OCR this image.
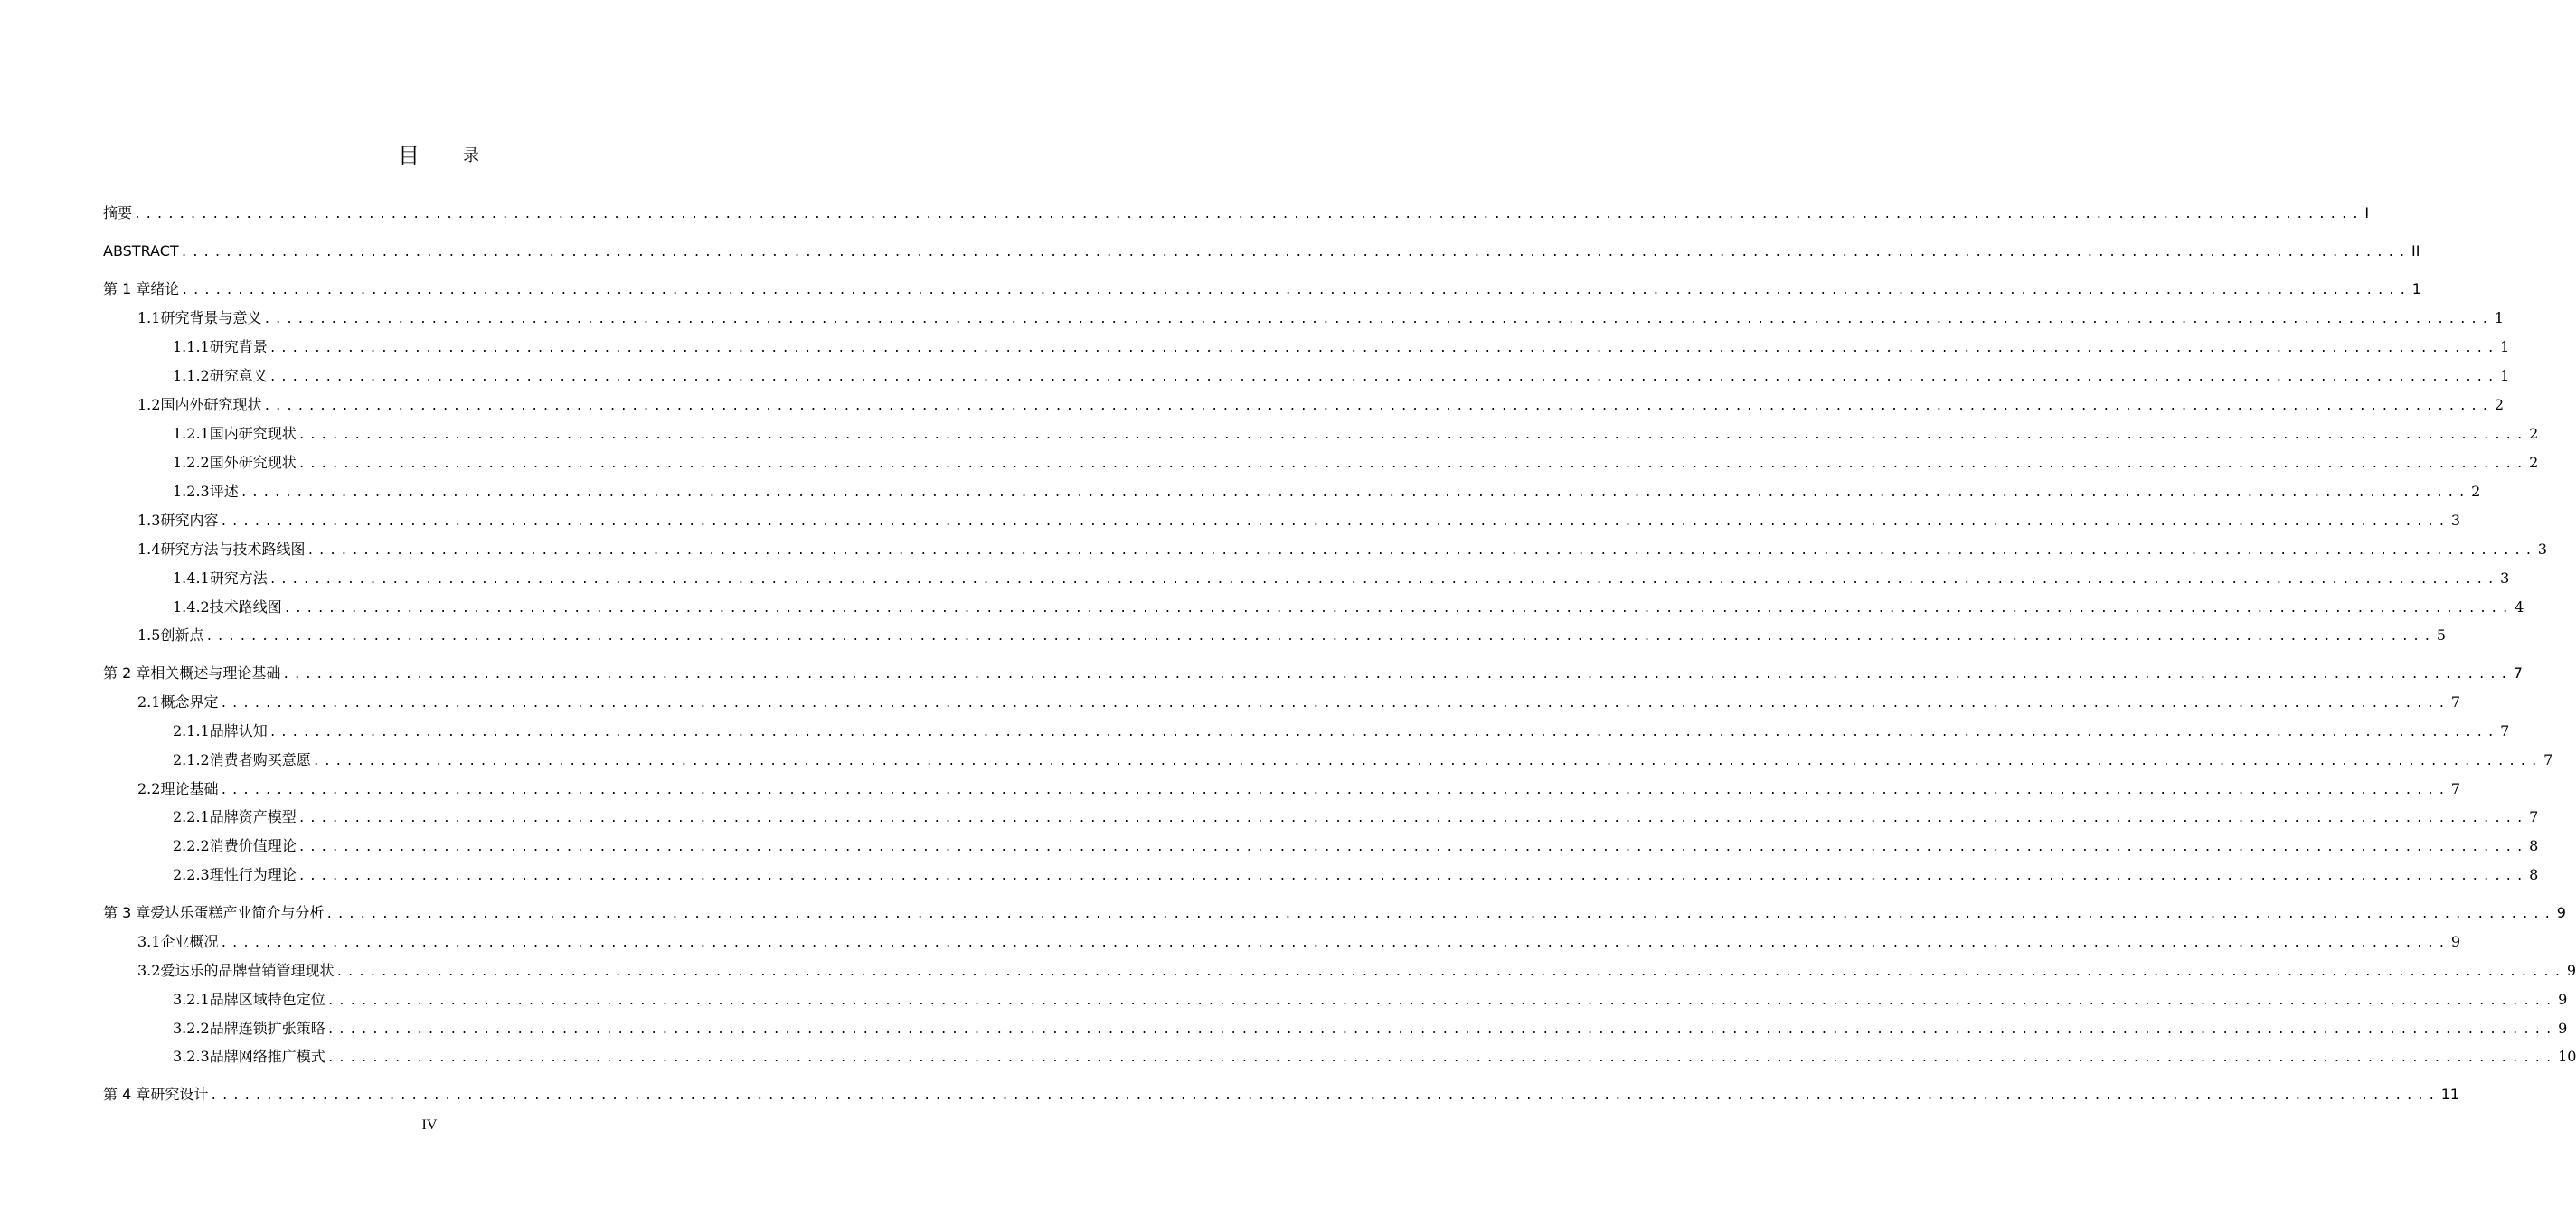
目	录
摘 要 ........................................................................................................................................................................................................ I
ABSTRACT ........................................................................................................................................................................................................ II
第 1 章 绪论 ........................................................................................................................................................................................................ 1
1.1 研究背景与意义 ........................................................................................................................................................................................................ 1
1.1.1 研究背景 ........................................................................................................................................................................................................ 1
1.1.2 研究意义 ........................................................................................................................................................................................................ 1
1.2 国内外研究现状 ........................................................................................................................................................................................................ 2
1.2.1 国内研究现状 ........................................................................................................................................................................................................ 2
1.2.2 国外研究现状 ........................................................................................................................................................................................................ 2
1.2.3 评述 ........................................................................................................................................................................................................ 2
1.3 研究内容 ........................................................................................................................................................................................................ 3
1.4 研究方法与技术路线图 ........................................................................................................................................................................................................ 3
1.4.1 研究方法 ........................................................................................................................................................................................................ 3
1.4.2 技术路线图 ........................................................................................................................................................................................................ 4
1.5 创新点 ........................................................................................................................................................................................................ 5
第 2 章 相关概述与理论基础 ........................................................................................................................................................................................................ 7
2.1 概念界定 ........................................................................................................................................................................................................ 7
2.1.1 品牌认知 ........................................................................................................................................................................................................ 7
2.1.2 消费者购买意愿 ........................................................................................................................................................................................................ 7
2.2 理论基础 ........................................................................................................................................................................................................ 7
2.2.1 品牌资产模型 ........................................................................................................................................................................................................ 7
2.2.2 消费价值理论 ........................................................................................................................................................................................................ 8
2.2.3 理性行为理论 ........................................................................................................................................................................................................ 8
第 3 章 爱达乐蛋糕产业简介与分析 ........................................................................................................................................................................................................ 9
3.1 企业概况 ........................................................................................................................................................................................................ 9
3.2 爱达乐的品牌营销管理现状 ........................................................................................................................................................................................................ 9
3.2.1 品牌区域特色定位 ........................................................................................................................................................................................................ 9
3.2.2 品牌连锁扩张策略 ........................................................................................................................................................................................................ 9
3.2.3 品牌网络推广模式 ........................................................................................................................................................................................................ 10
第 4 章 研究设计 ........................................................................................................................................................................................................ 11
IV
